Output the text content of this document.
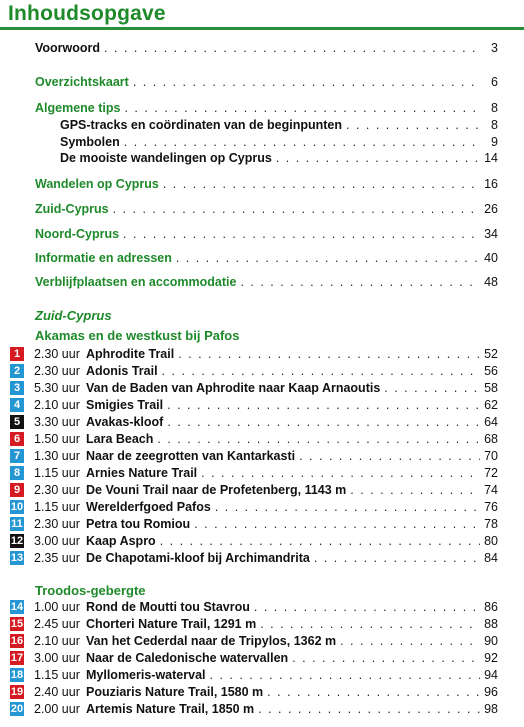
Inhoudsopgave
Voorwoord . . .	3
Overzichtskaart . . .	6
Algemene tips . . .	8
GPS-tracks en coördinaten van de beginpunten . . .	8
Symbolen . . .	9
De mooiste wandelingen op Cyprus . . .	14
Wandelen op Cyprus . . .	16
Zuid-Cyprus . . .	26
Noord-Cyprus . . .	34
Informatie en adressen . . .	40
Verblijfplaatsen en accommodatie . . .	48
Zuid-Cyprus
Akamas en de westkust bij Pafos
1	2.30 uur Aphrodite Trail . . .	52
2	2.30 uur Adonis Trail . . .	56
3	5.30 uur Van de Baden van Aphrodite naar Kaap Arnaoutis . . .	58
4	2.10 uur Smigies Trail . . .	62
5	3.30 uur Avakas-kloof . . .	64
6	1.50 uur Lara Beach . . .	68
7	1.30 uur Naar de zeegrotten van Kantarkasti . . .	70
8	1.15 uur Arnies Nature Trail . . .	72
9	2.30 uur De Vouni Trail naar de Profetenberg, 1143 m . . .	74
10 1.15 uur Werelderfgoed Pafos . . .	76
11 2.30 uur Petra tou Romiou . . .	78
12 3.00 uur Kaap Aspro . . .	80
13 2.35 uur De Chapotami-kloof bij Archimandrita . . .	84
Troodos-gebergte
14 1.00 uur Rond de Moutti tou Stavrou . . .	86
15 2.45 uur Chorteri Nature Trail, 1291 m . . .	88
16 2.10 uur Van het Cederdal naar de Tripylos, 1362 m . . .	90
17 3.00 uur Naar de Caledonische watervallen . . .	92
18 1.15 uur Myllomeris-waterval . . .	94
19 2.40 uur Pouziaris Nature Trail, 1580 m . . .	96
20 2.00 uur Artemis Nature Trail, 1850 m . . .	98
